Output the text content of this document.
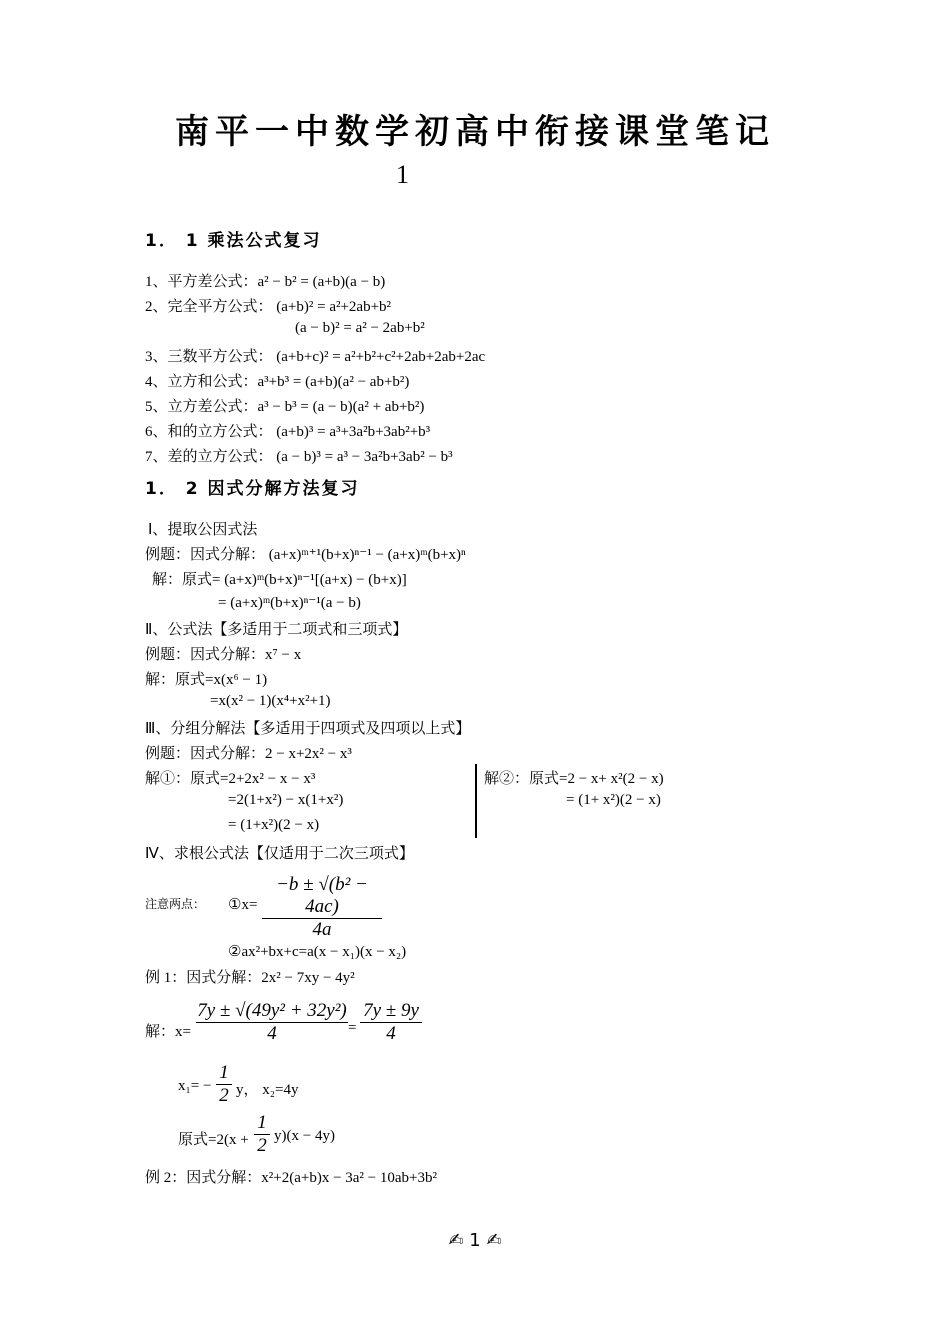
南平一中数学初高中衔接课堂笔记
1
1． 1 乘法公式复习
1、平方差公式：a² − b² = (a+b)(a − b)
2、完全平方公式： (a+b)² = a²+2ab+b²
(a − b)² = a² − 2ab+b²
3、三数平方公式： (a+b+c)² = a²+b²+c²+2ab+2ab+2ac
4、立方和公式：a³+b³ = (a+b)(a² − ab+b²)
5、立方差公式：a³ − b³ = (a − b)(a² + ab+b²)
6、和的立方公式： (a+b)³ = a³+3a²b+3ab²+b³
7、差的立方公式： (a − b)³ = a³ − 3a²b+3ab² − b³
1． 2 因式分解方法复习
Ⅰ、提取公因式法
例题：因式分解： (a+x)ᵐ⁺¹(b+x)ⁿ⁻¹ − (a+x)ᵐ(b+x)ⁿ
解：原式= (a+x)ᵐ(b+x)ⁿ⁻¹[(a+x) − (b+x)]
= (a+x)ᵐ(b+x)ⁿ⁻¹(a − b)
Ⅱ、公式法【多适用于二项式和三项式】
例题：因式分解：x⁷ − x
解：原式=x(x⁶ − 1)
=x(x² − 1)(x⁴+x²+1)
Ⅲ、分组分解法【多适用于四项式及四项以上式】
例题：因式分解：2 − x+2x² − x³
解①：原式=2+2x² − x − x³
=2(1+x²) − x(1+x²)
= (1+x²)(2 − x)
解②：原式=2 − x+ x²(2 − x)
= (1+ x²)(2 − x)
Ⅳ、求根公式法【仅适用于二次三项式】
注意两点： ①x=
−b ± √(b² − 4ac)
4a
②ax²+bx+c=a(x − x₁)(x − x₂)
例 1：因式分解：2x² − 7xy − 4y²
解：x=
7y ± √(49y² + 32y²)
4	=
7y ± 9y
4
x₁= −
1
2 y， x₂=4y
原式=2(x +
1
2 y)(x − 4y)
例 2：因式分解：x²+2(a+b)x − 3a² − 10ab+3b²
✍ 1 ✍
